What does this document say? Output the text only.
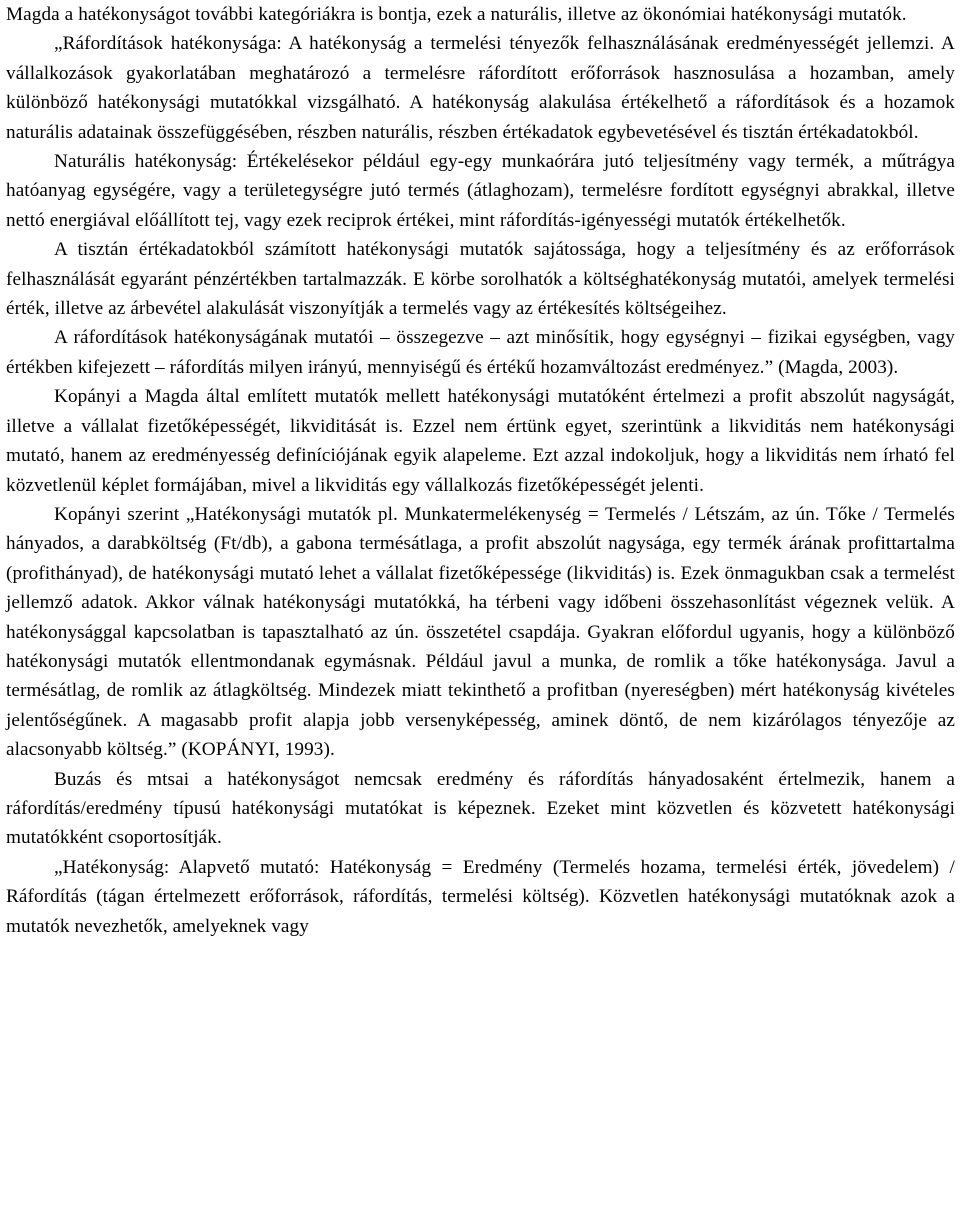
Magda a hatékonyságot további kategóriákra is bontja, ezek a naturális, illetve az ökonómiai hatékonysági mutatók.

„Ráfordítások hatékonysága: A hatékonyság a termelési tényezők felhasználásának eredményességét jellemzi. A vállalkozások gyakorlatában meghatározó a termelésre ráfordított erőforrások hasznosulása a hozamban, amely különböző hatékonysági mutatókkal vizsgálható. A hatékonyság alakulása értékelhető a ráfordítások és a hozamok naturális adatainak összefüggésében, részben naturális, részben értékadatok egybevetésével és tisztán értékadatokból.

Naturális hatékonyság: Értékelésekor például egy-egy munkaórára jutó teljesítmény vagy termék, a műtrágya hatóanyag egységére, vagy a területegységre jutó termés (átlaghozam), termelésre fordított egységnyi abrakkal, illetve nettó energiával előállított tej, vagy ezek reciprok értékei, mint ráfordítás-igényességi mutatók értékelhetők.

A tisztán értékadatokból számított hatékonysági mutatók sajátossága, hogy a teljesítmény és az erőforrások felhasználását egyaránt pénzértékben tartalmazzák. E körbe sorolhatók a költséghatékonyság mutatói, amelyek termelési érték, illetve az árbevétel alakulását viszonyítják a termelés vagy az értékesítés költségeihez.

A ráfordítások hatékonyságának mutatói – összegezve – azt minősítik, hogy egységnyi – fizikai egységben, vagy értékben kifejezett – ráfordítás milyen irányú, mennyiségű és értékű hozamváltozást eredményez.” (Magda, 2003).

Kopányi a Magda által említett mutatók mellett hatékonysági mutatóként értelmezi a profit abszolút nagyságát, illetve a vállalat fizetőképességét, likviditását is. Ezzel nem értünk egyet, szerintünk a likviditás nem hatékonysági mutató, hanem az eredményesség definíciójának egyik alapeleme. Ezt azzal indokoljuk, hogy a likviditás nem írható fel közvetlenül képlet formájában, mivel a likviditás egy vállalkozás fizetőképességét jelenti.

Kopányi szerint „Hatékonysági mutatók pl. Munkatermelékenység = Termelés / Létszám, az ún. Tőke / Termelés hányados, a darabköltség (Ft/db), a gabona termésátlaga, a profit abszolút nagysága, egy termék árának profittartalma (profithányad), de hatékonysági mutató lehet a vállalat fizetőképessége (likviditás) is. Ezek önmagukban csak a termelést jellemző adatok. Akkor válnak hatékonysági mutatókká, ha térbeni vagy időbeni összehasonlítást végeznek velük. A hatékonysággal kapcsolatban is tapasztalható az ún. összetétel csapdája. Gyakran előfordul ugyanis, hogy a különböző hatékonysági mutatók ellentmondanak egymásnak. Például javul a munka, de romlik a tőke hatékonysága. Javul a termésátlag, de romlik az átlagköltség. Mindezek miatt tekinthető a profitban (nyereségben) mért hatékonyság kivételes jelentőségűnek. A magasabb profit alapja jobb versenyképesség, aminek döntő, de nem kizárólagos tényezője az alacsonyabb költség.” (KOPÁNYI, 1993).

Buzás és mtsai a hatékonyságot nemcsak eredmény és ráfordítás hányadosaként értelmezik, hanem a ráfordítás/eredmény típusú hatékonysági mutatókat is képeznek. Ezeket mint közvetlen és közvetett hatékonysági mutatókként csoportosítják.

„Hatékonyság: Alapvető mutató: Hatékonyság = Eredmény (Termelés hozama, termelési érték, jövedelem) / Ráfordítás (tágan értelmezett erőforrások, ráfordítás, termelési költség). Közvetlen hatékonysági mutatóknak azok a mutatók nevezhetők, amelyeknek vagy
